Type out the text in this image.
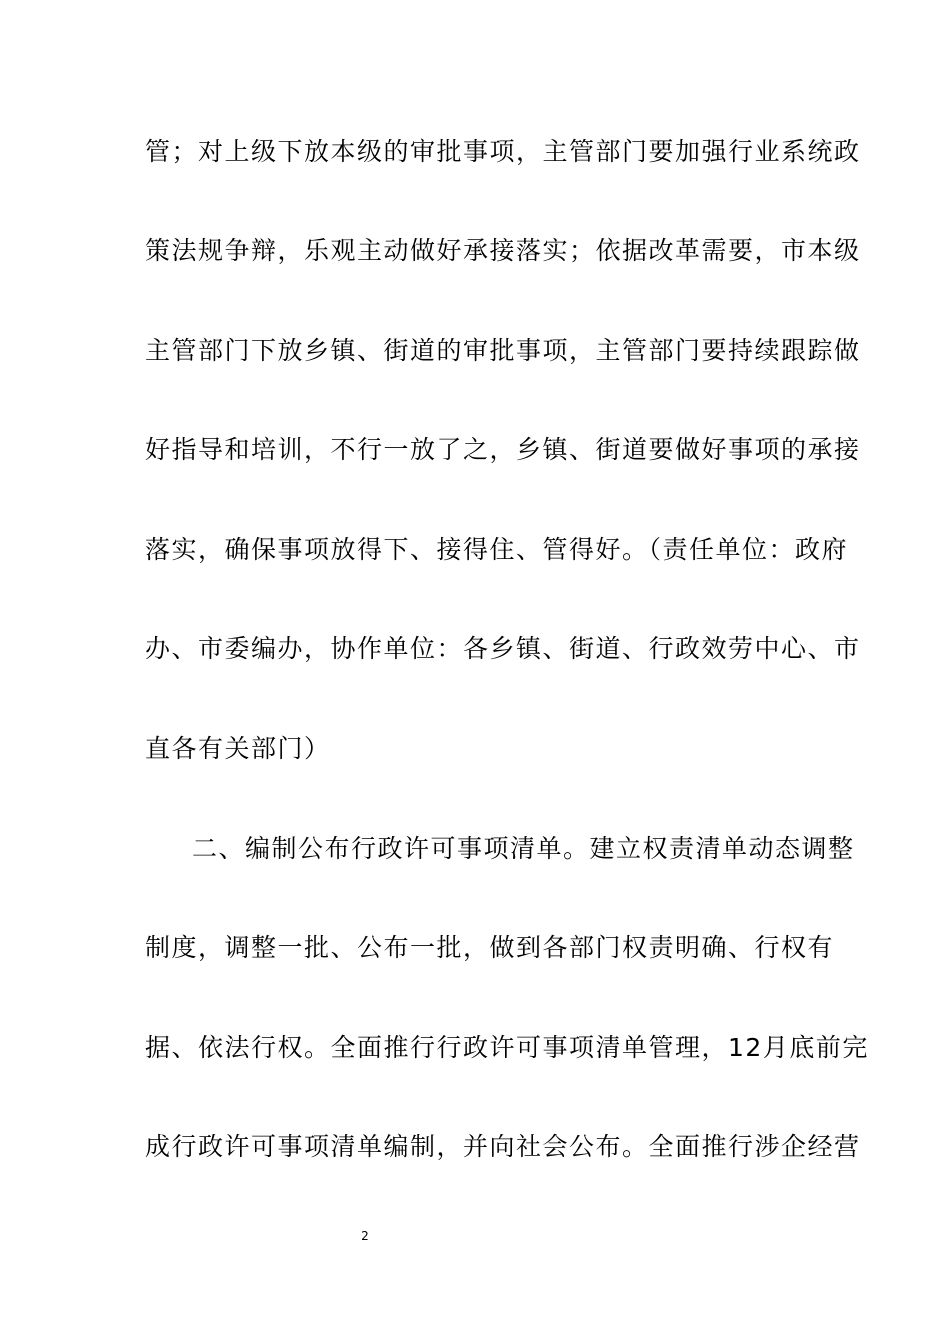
管；对上级下放本级的审批事项，主管部门要加强行业系统政
策法规争辩，乐观主动做好承接落实；依据改革需要，市本级
主管部门下放乡镇、街道的审批事项，主管部门要持续跟踪做
好指导和培训，不行一放了之，乡镇、街道要做好事项的承接
落实，确保事项放得下、接得住、管得好。（责任单位：政府
办、市委编办，协作单位：各乡镇、街道、行政效劳中心、市
直各有关部门）
二、编制公布行政许可事项清单。建立权责清单动态调整
制度，调整一批、公布一批，做到各部门权责明确、行权有
据、依法行权。全面推行行政许可事项清单管理，12月底前完
成行政许可事项清单编制，并向社会公布。全面推行涉企经营
2
